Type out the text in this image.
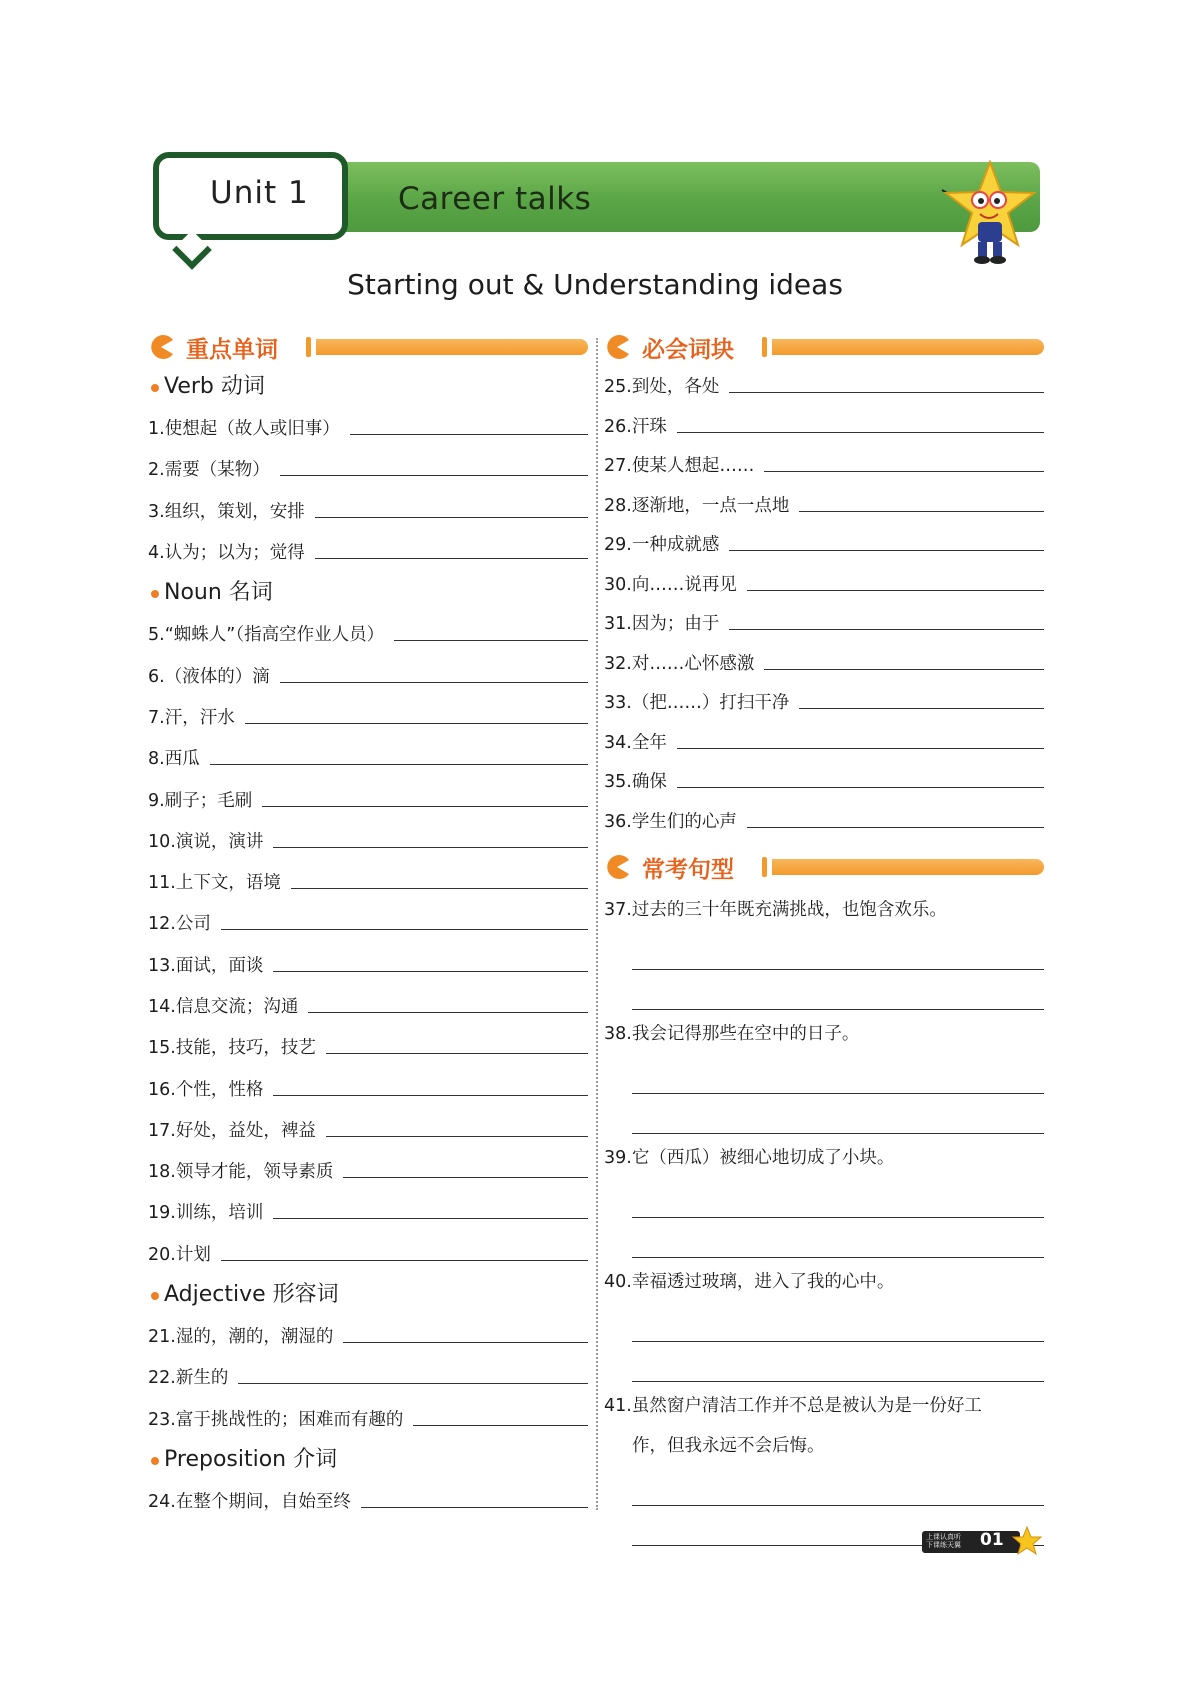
Unit 1	Career talks
Starting out & Understanding ideas
重点单词
Verb 动词
1.使想起（故人或旧事）
2.需要（某物）
3.组织，策划，安排
4.认为；以为；觉得
Noun 名词
5.“蜘蛛人”（指高空作业人员）
6.（液体的）滴
7.汗，汗水
8.西瓜
9.刷子；毛刷
10.演说，演讲
11.上下文，语境
12.公司
13.面试，面谈
14.信息交流；沟通
15.技能，技巧，技艺
16.个性，性格
17.好处，益处，裨益
18.领导才能，领导素质
19.训练，培训
20.计划
Adjective 形容词
21.湿的，潮的，潮湿的
22.新生的
23.富于挑战性的；困难而有趣的
Preposition 介词
24.在整个期间，自始至终
必会词块
25.到处，各处
26.汗珠
27.使某人想起……
28.逐渐地，一点一点地
29.一种成就感
30.向……说再见
31.因为；由于
32.对……心怀感激
33.（把……）打扫干净
34.全年
35.确保
36.学生们的心声
常考句型
37.过去的三十年既充满挑战，也饱含欢乐。
38.我会记得那些在空中的日子。
39.它（西瓜）被细心地切成了小块。
40.幸福透过玻璃，进入了我的心中。
41.虽然窗户清洁工作并不总是被认为是一份好工
作，但我永远不会后悔。
上课认真听
下课练天翼	01
